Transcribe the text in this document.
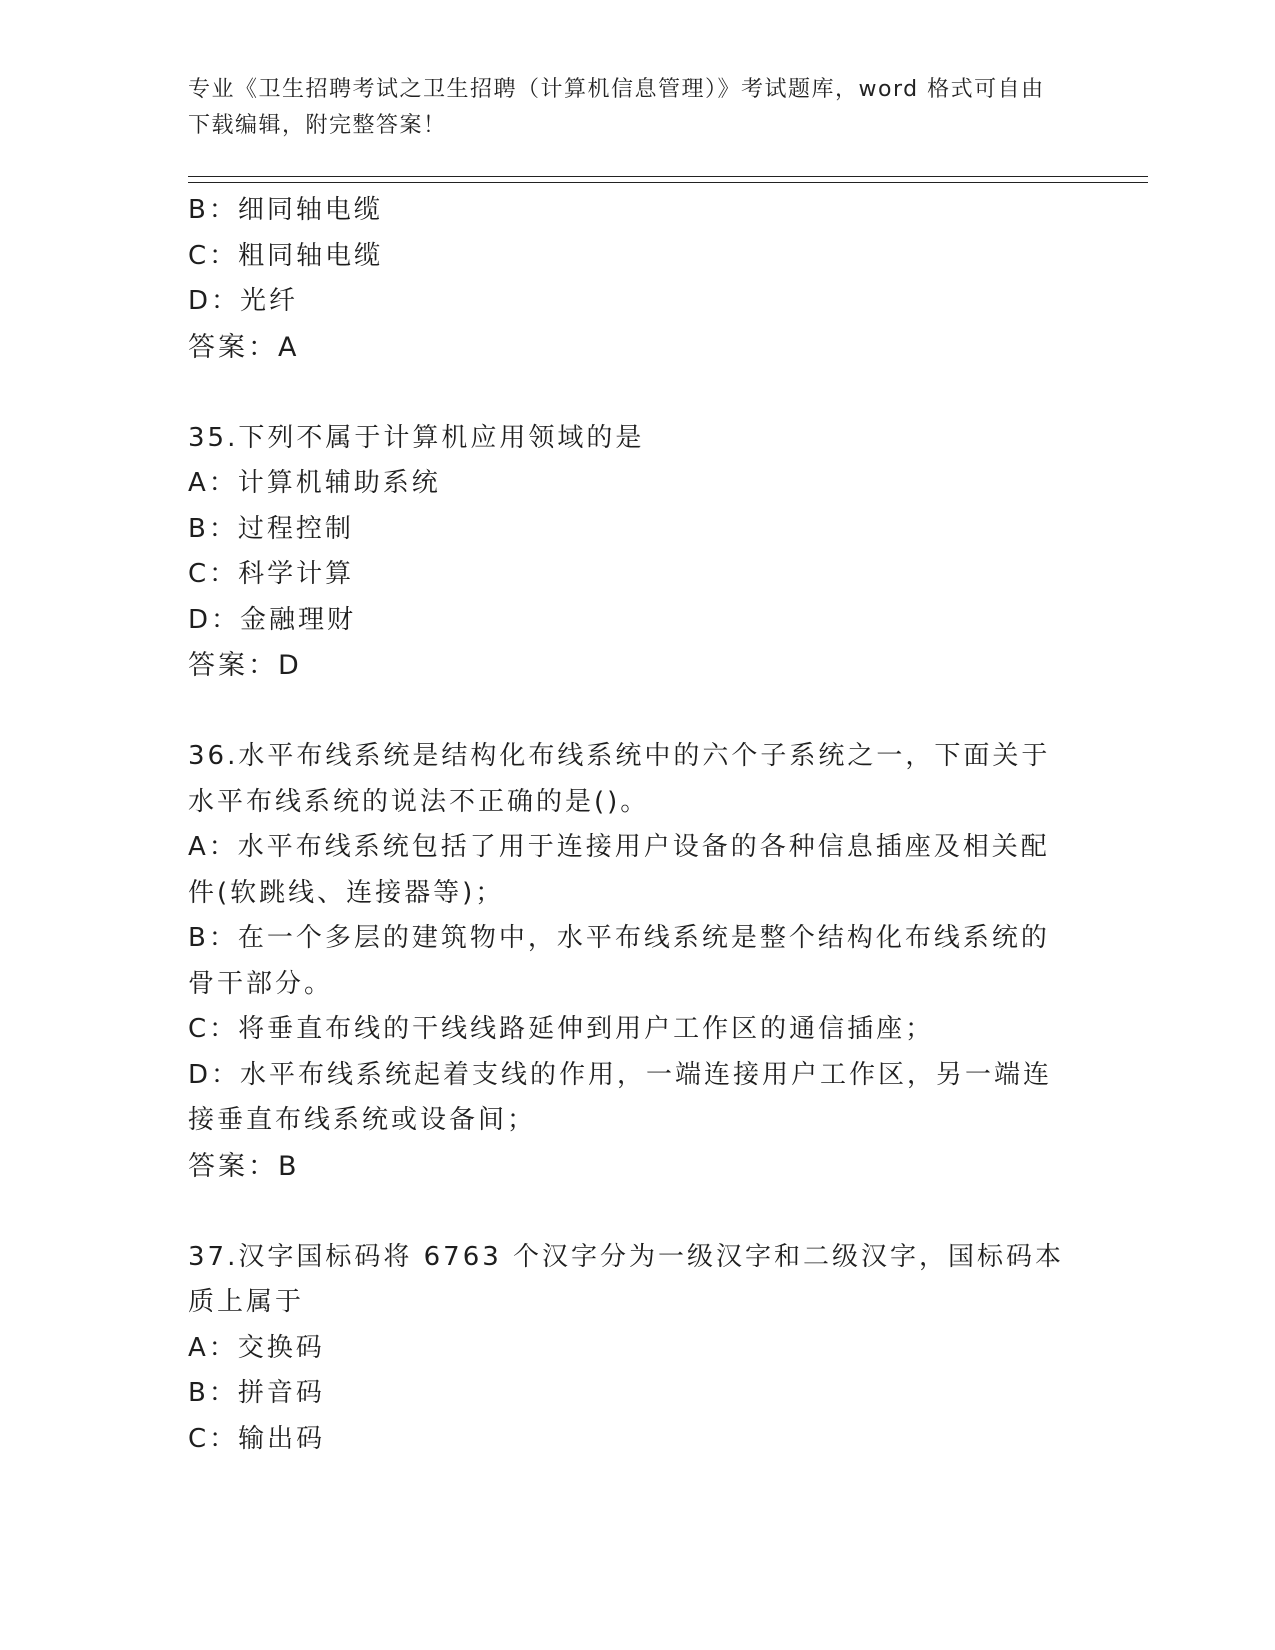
专业《卫生招聘考试之卫生招聘（计算机信息管理）》考试题库，word 格式可自由下载编辑，附完整答案！
B：细同轴电缆
C：粗同轴电缆
D：光纤
答案：A
35.下列不属于计算机应用领域的是
A：计算机辅助系统
B：过程控制
C：科学计算
D：金融理财
答案：D
36.水平布线系统是结构化布线系统中的六个子系统之一，下面关于水平布线系统的说法不正确的是()。
A：水平布线系统包括了用于连接用户设备的各种信息插座及相关配件(软跳线、连接器等)；
B：在一个多层的建筑物中，水平布线系统是整个结构化布线系统的骨干部分。
C：将垂直布线的干线线路延伸到用户工作区的通信插座；
D：水平布线系统起着支线的作用，一端连接用户工作区，另一端连接垂直布线系统或设备间；
答案：B
37.汉字国标码将 6763 个汉字分为一级汉字和二级汉字，国标码本质上属于
A：交换码
B：拼音码
C：输出码
